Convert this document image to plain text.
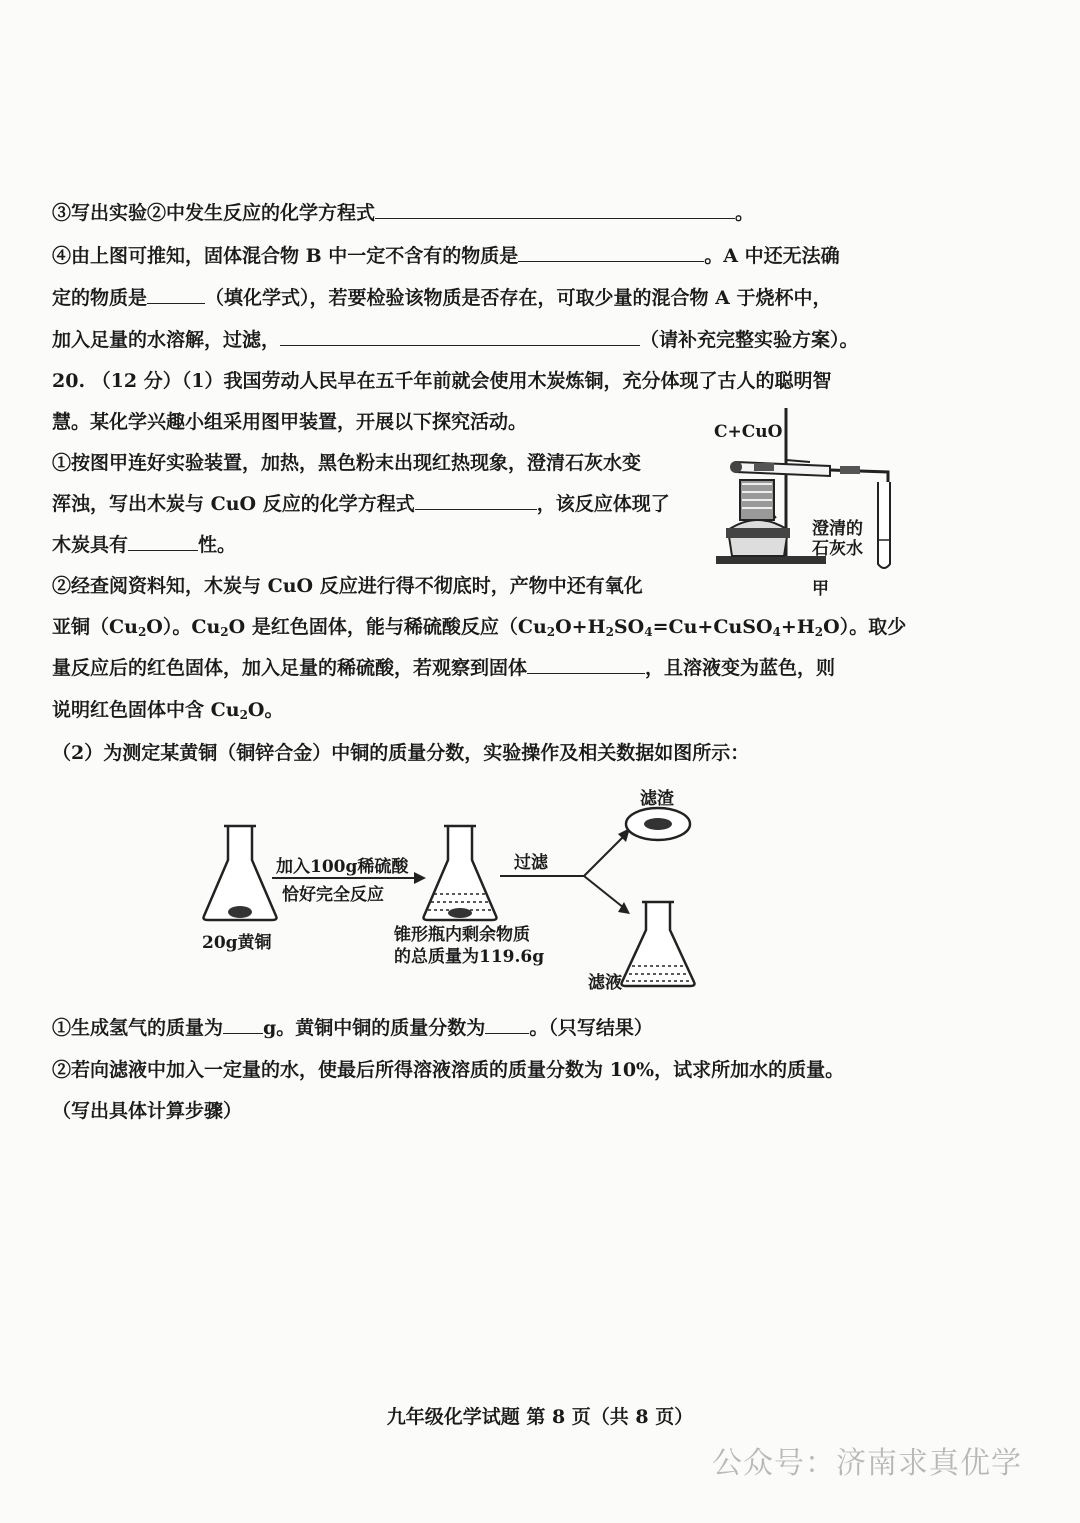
③写出实验②中发生反应的化学方程式	。
④由上图可推知，固体混合物 B 中一定不含有的物质是	。A 中还无法确
定的物质是	（填化学式），若要检验该物质是否存在，可取少量的混合物 A 于烧杯中，
加入足量的水溶解，过滤，	（请补充完整实验方案）。
20. （12 分）（1）我国劳动人民早在五千年前就会使用木炭炼铜，充分体现了古人的聪明智
慧。某化学兴趣小组采用图甲装置，开展以下探究活动。
①按图甲连好实验装置，加热，黑色粉末出现红热现象，澄清石灰水变
浑浊，写出木炭与 CuO 反应的化学方程式	，该反应体现了
木炭具有	性。
②经查阅资料知，木炭与 CuO 反应进行得不彻底时，产物中还有氧化
亚铜$(Cu_2O)$。$Cu_2O$ 是红色固体，能与稀硫酸反应$(Cu_2O+H_2SO_4=Cu+CuSO_4+H_2O)$。取少
量反应后的红色固体，加入足量的稀硫酸，若观察到固体	，且溶液变为蓝色，则
说明红色固体中含 $Cu_2O$。
（2）为测定某黄铜（铜锌合金）中铜的质量分数，实验操作及相关数据如图所示：
①生成氢气的质量为 g。黄铜中铜的质量分数为 。（只写结果）
②若向滤液中加入一定量的水，使最后所得溶液溶质的质量分数为 10%，试求所加水的质量。
（写出具体计算步骤）
C+CuO
澄清的
石灰水
甲
加入100g稀硫酸
恰好完全反应
20g黄铜	锥形瓶内剩余物质
的总质量为119.6g
过滤
滤渣
滤液
九年级化学试题 第 8 页（共 8 页）
公众号：济南求真优学
